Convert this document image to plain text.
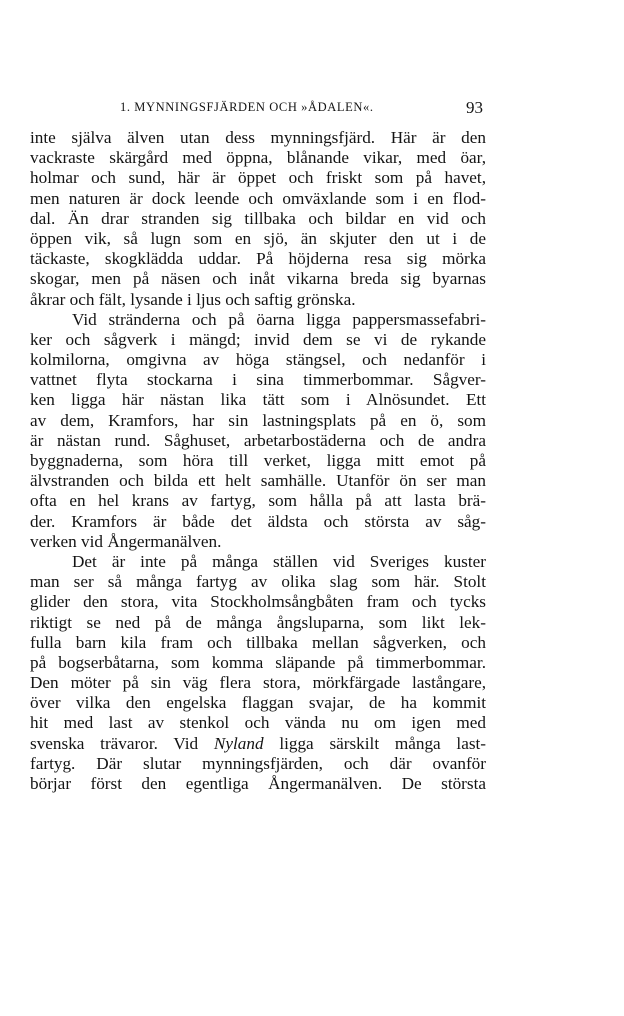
1. MYNNINGSFJÄRDEN OCH »ÅDALEN«.	93
inte själva älven utan dess mynningsfjärd. Här är den
vackraste skärgård med öppna, blånande vikar, med öar,
holmar och sund, här är öppet och friskt som på havet,
men naturen är dock leende och omväxlande som i en flod-
dal. Än drar stranden sig tillbaka och bildar en vid och
öppen vik, så lugn som en sjö, än skjuter den ut i de
täckaste, skogklädda uddar. På höjderna resa sig mörka
skogar, men på näsen och inåt vikarna breda sig byarnas
åkrar och fält, lysande i ljus och saftig grönska.
Vid stränderna och på öarna ligga pappersmassefabri-
ker och sågverk i mängd; invid dem se vi de rykande
kolmilorna, omgivna av höga stängsel, och nedanför i
vattnet flyta stockarna i sina timmerbommar. Sågver-
ken ligga här nästan lika tätt som i Alnösundet. Ett
av dem, Kramfors, har sin lastningsplats på en ö, som
är nästan rund. Såghuset, arbetarbostäderna och de andra
byggnaderna, som höra till verket, ligga mitt emot på
älvstranden och bilda ett helt samhälle. Utanför ön ser man
ofta en hel krans av fartyg, som hålla på att lasta brä-
der. Kramfors är både det äldsta och största av såg-
verken vid Ångermanälven.
Det är inte på många ställen vid Sveriges kuster
man ser så många fartyg av olika slag som här. Stolt
glider den stora, vita Stockholmsångbåten fram och tycks
riktigt se ned på de många ångsluparna, som likt lek-
fulla barn kila fram och tillbaka mellan sågverken, och
på bogserbåtarna, som komma släpande på timmerbommar.
Den möter på sin väg flera stora, mörkfärgade lastångare,
över vilka den engelska flaggan svajar, de ha kommit
hit med last av stenkol och vända nu om igen med
svenska trävaror. Vid Nyland ligga särskilt många last-
fartyg. Där slutar mynningsfjärden, och där ovanför
börjar först den egentliga Ångermanälven. De största
